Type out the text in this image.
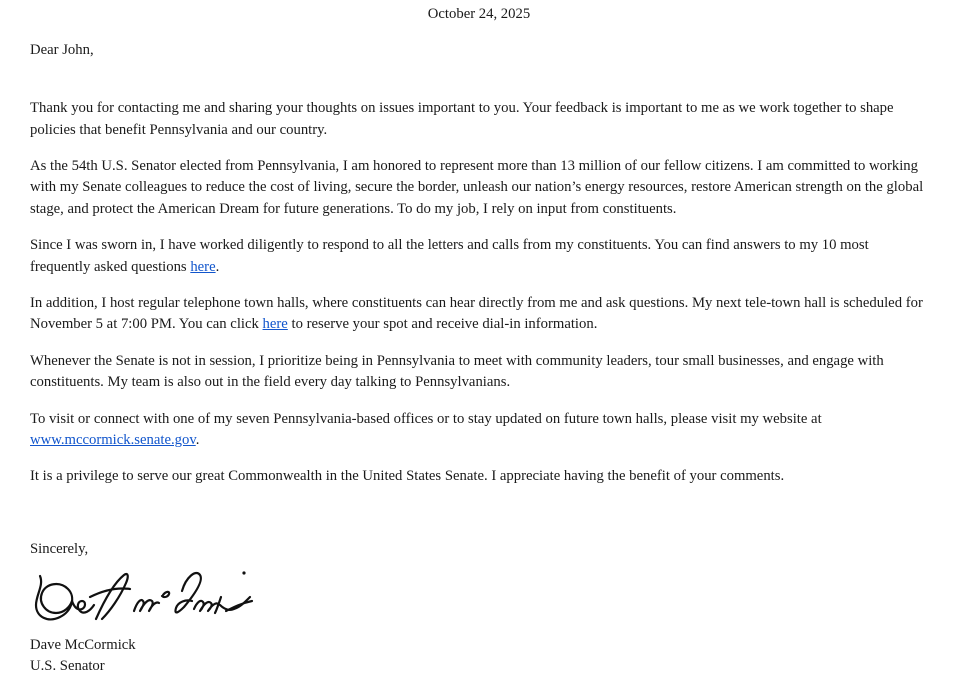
October 24, 2025

Dear John,

Thank you for contacting me and sharing your thoughts on issues important to you. Your feedback is important to me as we work together to shape policies that benefit Pennsylvania and our country.

As the 54th U.S. Senator elected from Pennsylvania, I am honored to represent more than 13 million of our fellow citizens. I am committed to working with my Senate colleagues to reduce the cost of living, secure the border, unleash our nation’s energy resources, restore American strength on the global stage, and protect the American Dream for future generations. To do my job, I rely on input from constituents.

Since I was sworn in, I have worked diligently to respond to all the letters and calls from my constituents. You can find answers to my 10 most frequently asked questions here.

In addition, I host regular telephone town halls, where constituents can hear directly from me and ask questions. My next tele-town hall is scheduled for November 5 at 7:00 PM. You can click here to reserve your spot and receive dial-in information.

Whenever the Senate is not in session, I prioritize being in Pennsylvania to meet with community leaders, tour small businesses, and engage with constituents. My team is also out in the field every day talking to Pennsylvanians.

To visit or connect with one of my seven Pennsylvania-based offices or to stay updated on future town halls, please visit my website at www.mccormick.senate.gov.

It is a privilege to serve our great Commonwealth in the United States Senate. I appreciate having the benefit of your comments.

Sincerely,

Dave McCormick
U.S. Senator
